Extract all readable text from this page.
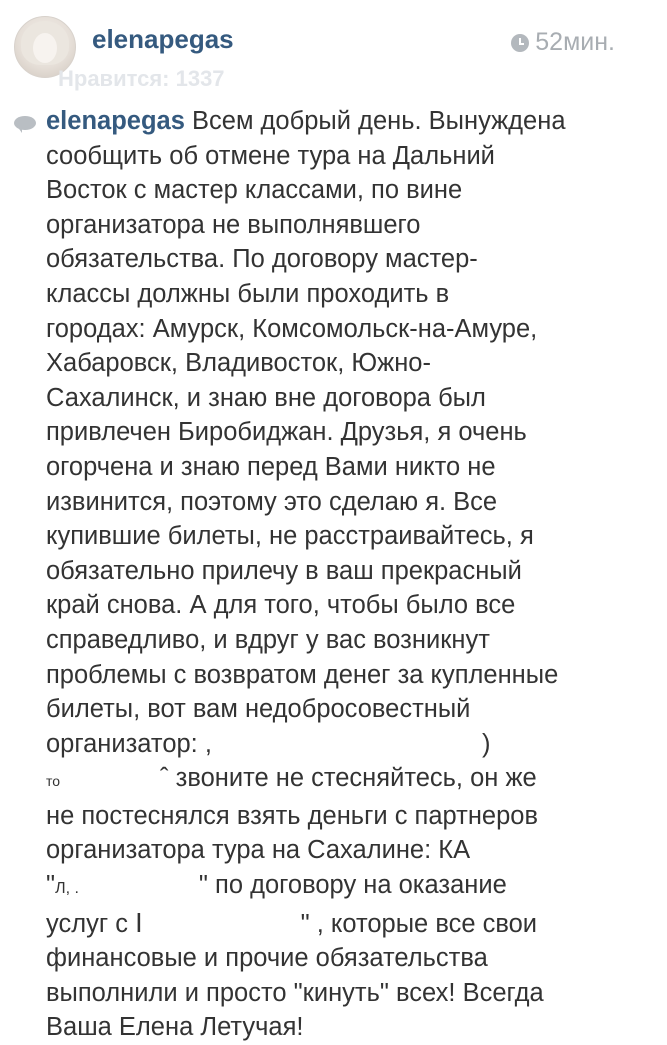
elenapegas
Нравится: 1337
52мин.
elenapegas Всем добрый день. Вынуждена
сообщить об отмене тура на Дальний
Восток с мастер классами, по вине
организатора не выполнявшего
обязательства. По договору мастер-
классы должны были проходить в
городах: Амурск, Комсомольск-на-Амуре,
Хабаровск, Владивосток, Южно-
Сахалинск, и знаю вне договора был
привлечен Биробиджан. Друзья, я очень
огорчена и знаю перед Вами никто не
извинится, поэтому это сделаю я. Все
купившие билеты, не расстраивайтесь, я
обязательно прилечу в ваш прекрасный
край снова. А для того, чтобы было все
справедливо, и вдруг у вас возникнут
проблемы с возвратом денег за купленные
билеты, вот вам недобросовестный
организатор: ,	)
то	ˆ звоните не стесняйтесь, он же
не постеснялся взять деньги с партнеров
организатора тура на Сахалине: КА
"Л, .	" по договору на оказание
услуг с Ⅰ	" , которые все свои
финансовые и прочие обязательства
выполнили и просто "кинуть" всех! Всегда
Ваша Елена Летучая!
